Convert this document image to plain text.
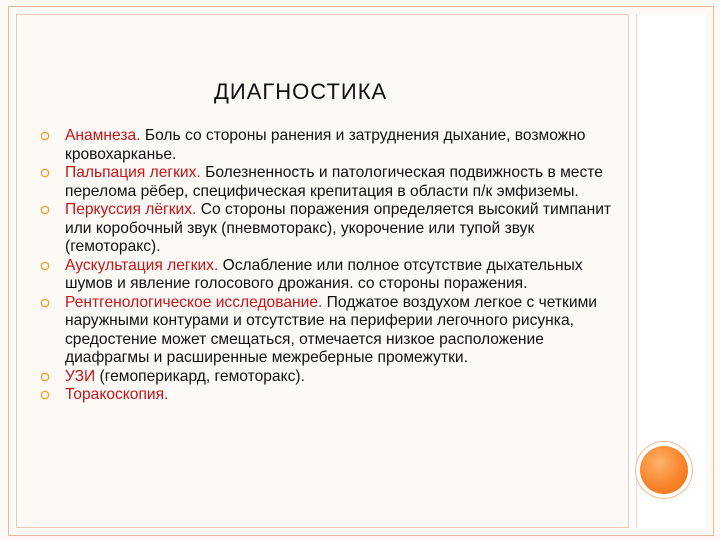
ДИАГНОСТИКА
Анамнеза. Боль со стороны ранения и затруднения дыхание, возможно кровохарканье.
Пальпация легких. Болезненность и патологическая подвижность в месте перелома рёбер, специфическая крепитация в области п/к эмфиземы.
Перкуссия лёгких. Со стороны поражения определяется высокий тимпанит или коробочный звук (пневмоторакс), укорочение или тупой звук (гемоторакс).
Аускультация легких. Ослабление или полное отсутствие дыхательных шумов и явление голосового дрожания. со стороны поражения.
Рентгенологическое исследование. Поджатое воздухом легкое с четкими наружными контурами и отсутствие на периферии легочного рисунка, средостение может смещаться, отмечается низкое расположение диафрагмы и расширенные межреберные промежутки.
УЗИ (гемоперикард, гемоторакс).
Торакоскопия.
